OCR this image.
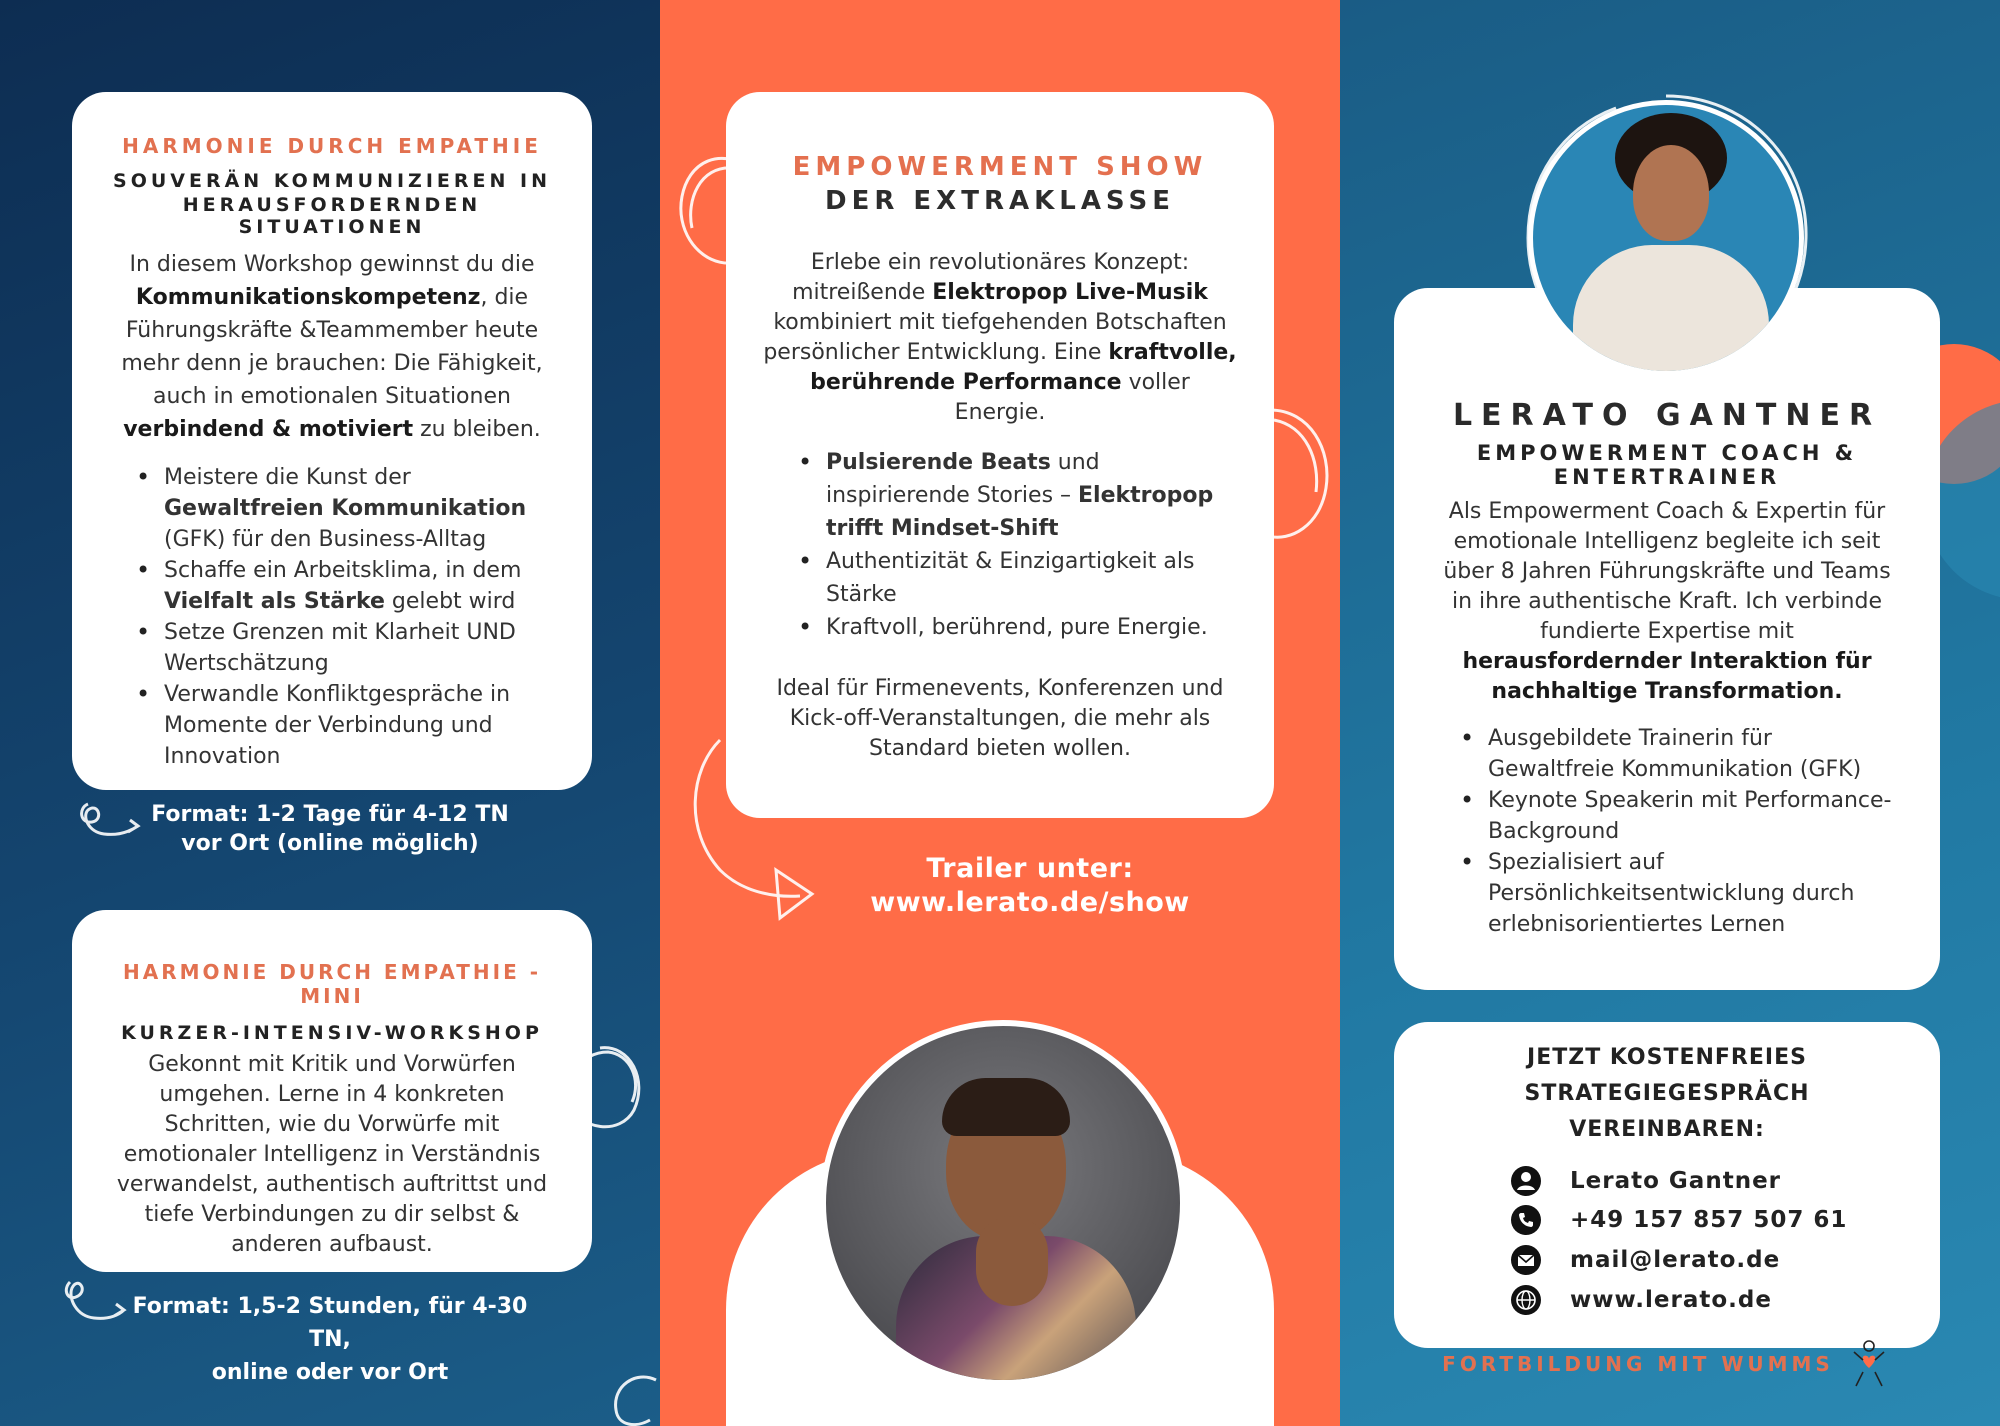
HARMONIE DURCH EMPATHIE
SOUVERÄN KOMMUNIZIEREN IN
HERAUSFORDERNDEN SITUATIONEN

In diesem Workshop gewinnst du die Kommunikationskompetenz, die Führungskräfte &Teammember heute mehr denn je brauchen: Die Fähigkeit, auch in emotionalen Situationen verbindend & motiviert zu bleiben.

• Meistere die Kunst der Gewaltfreien Kommunikation (GFK) für den Business-Alltag
• Schaffe ein Arbeitsklima, in dem Vielfalt als Stärke gelebt wird
• Setze Grenzen mit Klarheit UND Wertschätzung
• Verwandle Konfliktgespräche in Momente der Verbindung und Innovation
Format: 1-2 Tage für 4-12 TN
vor Ort (online möglich)
HARMONIE DURCH EMPATHIE - MINI
KURZER-INTENSIV-WORKSHOP

Gekonnt mit Kritik und Vorwürfen umgehen. Lerne in 4 konkreten Schritten, wie du Vorwürfe mit emotionaler Intelligenz in Verständnis verwandelst, authentisch auftrittst und tiefe Verbindungen zu dir selbst & anderen aufbaust.

Format: 1,5-2 Stunden, für 4-30 TN,
online oder vor Ort
EMPOWERMENT SHOW
DER EXTRAKLASSE

Erlebe ein revolutionäres Konzept: mitreißende Elektropop Live-Musik kombiniert mit tiefgehenden Botschaften persönlicher Entwicklung. Eine kraftvolle, berührende Performance voller Energie.

• Pulsierende Beats und inspirierende Stories – Elektropop trifft Mindset-Shift
• Authentizität & Einzigartigkeit als Stärke
• Kraftvoll, berührend, pure Energie.

Ideal für Firmenevents, Konferenzen und Kick-off-Veranstaltungen, die mehr als Standard bieten wollen.

Trailer unter:
www.lerato.de/show
LERATO GANTNER
EMPOWERMENT COACH &
ENTERTRAINER

Als Empowerment Coach & Expertin für emotionale Intelligenz begleite ich seit über 8 Jahren Führungskräfte und Teams in ihre authentische Kraft. Ich verbinde fundierte Expertise mit herausfordernder Interaktion für nachhaltige Transformation.

• Ausgebildete Trainerin für Gewaltfreie Kommunikation (GFK)
• Keynote Speakerin mit Performance-Background
• Spezialisiert auf Persönlichkeitsentwicklung durch erlebnisorientiertes Lernen
JETZT KOSTENFREIES
STRATEGIEGESPRÄCH VEREINBAREN:
Lerato Gantner
+49 157 857 507 61
mail@lerato.de
www.lerato.de
FORTBILDUNG MIT WUMMS
